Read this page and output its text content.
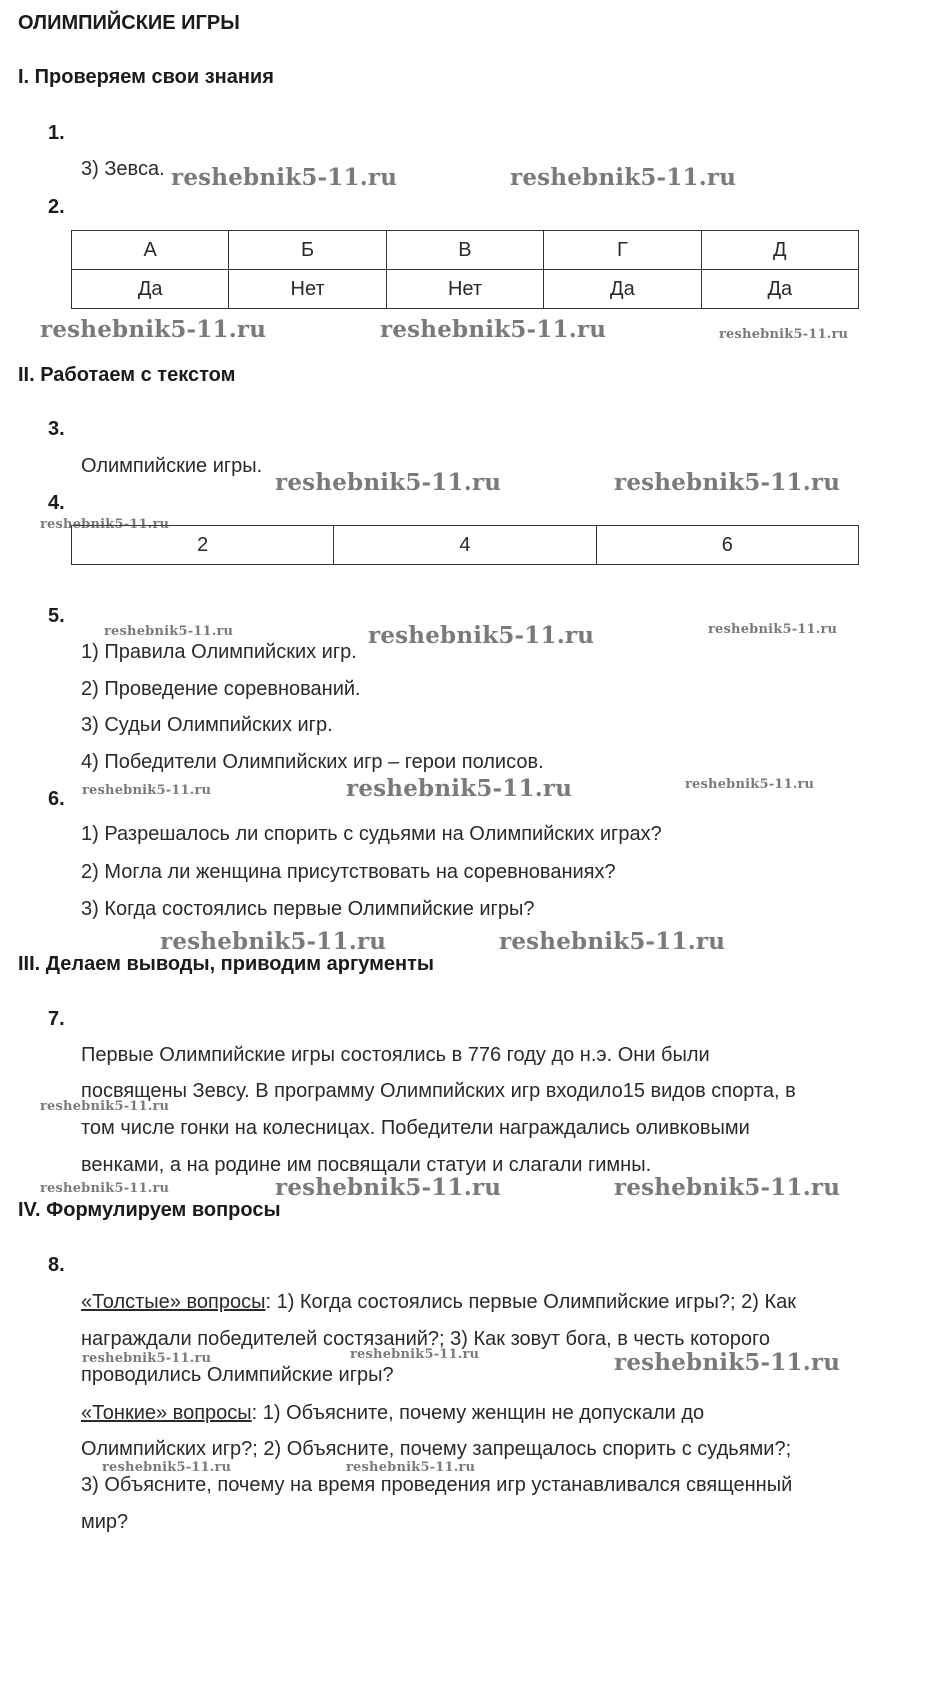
ОЛИМПИЙСКИЕ ИГРЫ
I. Проверяем свои знания
1.
3) Зевса.
2.
А	Б	В	Г	Д
Да	Нет	Нет	Да	Да
II. Работаем с текстом
3.
Олимпийские игры.
4.
2	4	6
5.
1) Правила Олимпийских игр.
2) Проведение соревнований.
3) Судьи Олимпийских игр.
4) Победители Олимпийских игр – герои полисов.
6.
1) Разрешалось ли спорить с судьями на Олимпийских играх?
2) Могла ли женщина присутствовать на соревнованиях?
3) Когда состоялись первые Олимпийские игры?
III. Делаем выводы, приводим аргументы
7.
Первые Олимпийские игры состоялись в 776 году до н.э. Они были
посвящены Зевсу. В программу Олимпийских игр входило15 видов спорта, в
том числе гонки на колесницах. Победители награждались оливковыми
венками, а на родине им посвящали статуи и слагали гимны.
IV. Формулируем вопросы
8.
«Толстые» вопросы: 1) Когда состоялись первые Олимпийские игры?; 2) Как
награждали победителей состязаний?; 3) Как зовут бога, в честь которого
проводились Олимпийские игры?
«Тонкие» вопросы: 1) Объясните, почему женщин не допускали до
Олимпийских игр?; 2) Объясните, почему запрещалось спорить с судьями?;
3) Объясните, почему на время проведения игр устанавливался священный
мир?
reshebnik5-11.ru	reshebnik5-11.ru
reshebnik5-11.ru	reshebnik5-11.ru	reshebnik5-11.ru
reshebnik5-11.ru	reshebnik5-11.ru
reshebnik5-11.ru
reshebnik5-11.ru	reshebnik5-11.ru	reshebnik5-11.ru
reshebnik5-11.ru	reshebnik5-11.ru	reshebnik5-11.ru
reshebnik5-11.ru	reshebnik5-11.ru
reshebnik5-11.ru
reshebnik5-11.ru	reshebnik5-11.ru	reshebnik5-11.ru
reshebnik5-11.ru	reshebnik5-11.ru	reshebnik5-11.ru
reshebnik5-11.ru	reshebnik5-11.ru
